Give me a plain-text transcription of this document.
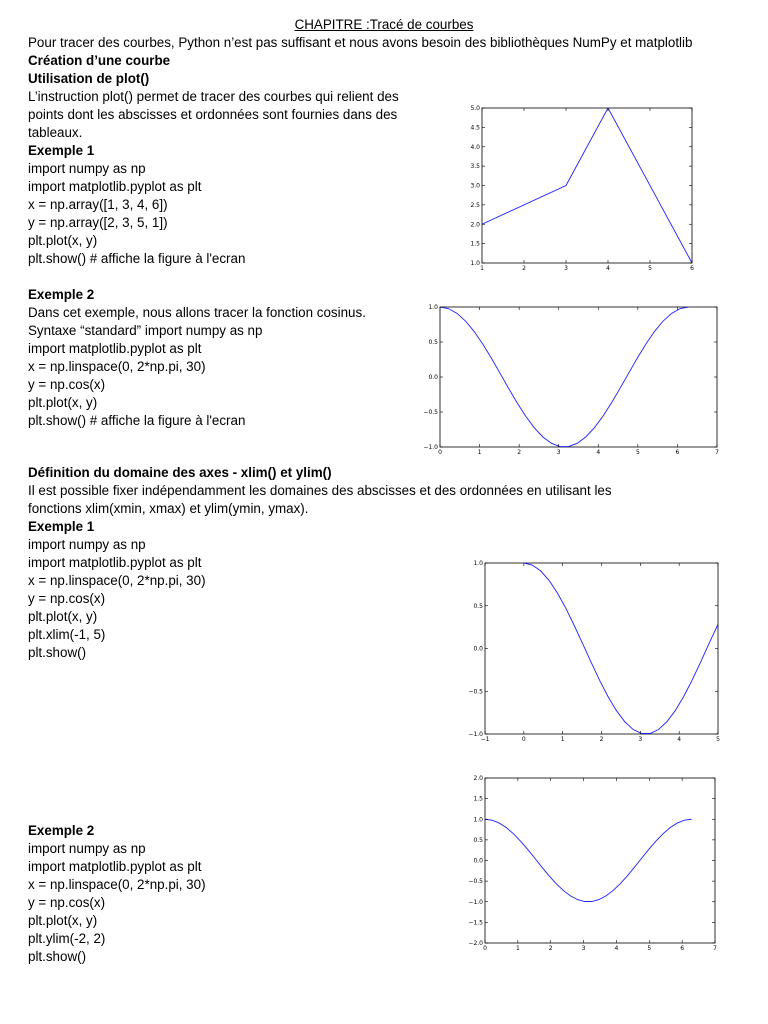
CHAPITRE :Tracé de courbes
Pour tracer des courbes, Python n’est pas suffisant et nous avons besoin des bibliothèques NumPy et matplotlib
Création d’une courbe
Utilisation de plot()
L’instruction plot() permet de tracer des courbes qui relient des
points dont les abscisses et ordonnées sont fournies dans des
tableaux.
Exemple 1
import numpy as np
import matplotlib.pyplot as plt
x = np.array([1, 3, 4, 6])
y = np.array([2, 3, 5, 1])
plt.plot(x, y)
plt.show() # affiche la figure à l'ecran
Exemple 2
Dans cet exemple, nous allons tracer la fonction cosinus.
Syntaxe “standard” import numpy as np
import matplotlib.pyplot as plt
x = np.linspace(0, 2*np.pi, 30)
y = np.cos(x)
plt.plot(x, y)
plt.show() # affiche la figure à l'ecran
Définition du domaine des axes - xlim() et ylim()
Il est possible fixer indépendamment les domaines des abscisses et des ordonnées en utilisant les
fonctions xlim(xmin, xmax) et ylim(ymin, ymax).
Exemple 1
import numpy as np
import matplotlib.pyplot as plt
x = np.linspace(0, 2*np.pi, 30)
y = np.cos(x)
plt.plot(x, y)
plt.xlim(-1, 5)
plt.show()
Exemple 2
import numpy as np
import matplotlib.pyplot as plt
x = np.linspace(0, 2*np.pi, 30)
y = np.cos(x)
plt.plot(x, y)
plt.ylim(-2, 2)
plt.show()
1	2	3	4	5	6
1.0
1.5
2.0
2.5
3.0
3.5
4.0
4.5
5.0
0	1	2	3	4	5	6	7
1.0
0.5
0.0
−0.5
−1.0
−1	0	1	2	3	4	5
1.0
0.5
0.0
−0.5
−1.0
0	1	2	3	4	5	6	7
2.0
1.5
1.0
0.5
0.0
−0.5
−1.0
−1.5
−2.0
